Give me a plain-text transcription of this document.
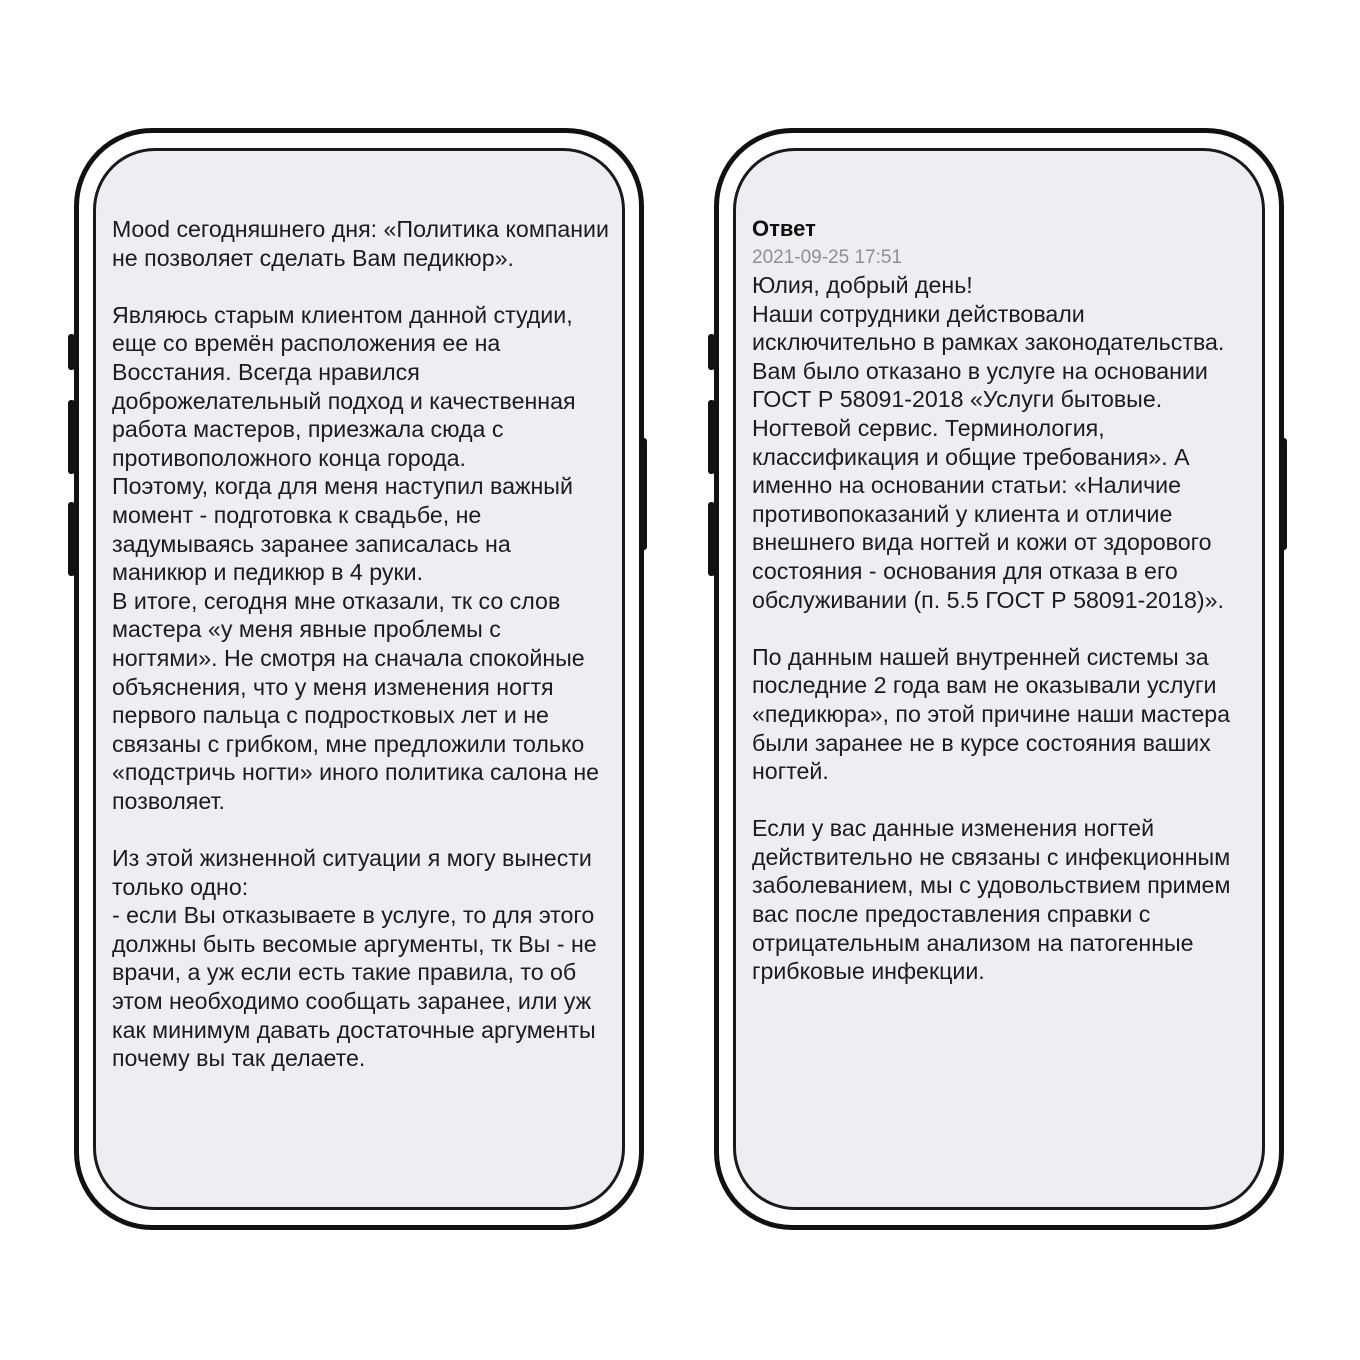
Mood сегодняшнего дня: «Политика компании не позволяет сделать Вам педикюр».

Являюсь старым клиентом данной студии, еще со времён расположения ее на Восстания. Всегда нравился доброжелательный подход и качественная работа мастеров, приезжала сюда с противоположного конца города.
Поэтому, когда для меня наступил важный момент - подготовка к свадьбе, не задумываясь заранее записалась на маникюр и педикюр в 4 руки.
В итоге, сегодня мне отказали, тк со слов мастера «у меня явные проблемы с ногтями». Не смотря на сначала спокойные объяснения, что у меня изменения ногтя первого пальца с подростковых лет и не связаны с грибком, мне предложили только «подстричь ногти» иного политика салона не позволяет.

Из этой жизненной ситуации я могу вынести только одно:
- если Вы отказываете в услуге, то для этого должны быть весомые аргументы, тк Вы - не врачи, а уж если есть такие правила, то об этом необходимо сообщать заранее, или уж как минимум давать достаточные аргументы почему вы так делаете.

Ответ
2021-09-25 17:51

Юлия, добрый день!
Наши сотрудники действовали исключительно в рамках законодательства. Вам было отказано в услуге на основании ГОСТ Р 58091-2018 «Услуги бытовые. Ногтевой сервис. Терминология, классификация и общие требования». А именно на основании статьи: «Наличие противопоказаний у клиента и отличие внешнего вида ногтей и кожи от здорового состояния - основания для отказа в его обслуживании (п. 5.5 ГОСТ Р 58091-2018)».

По данным нашей внутренней системы за последние 2 года вам не оказывали услуги «педикюра», по этой причине наши мастера были заранее не в курсе состояния ваших ногтей.

Если у вас данные изменения ногтей действительно не связаны с инфекционным заболеванием, мы с удовольствием примем вас после предоставления справки с отрицательным анализом на патогенные грибковые инфекции.
